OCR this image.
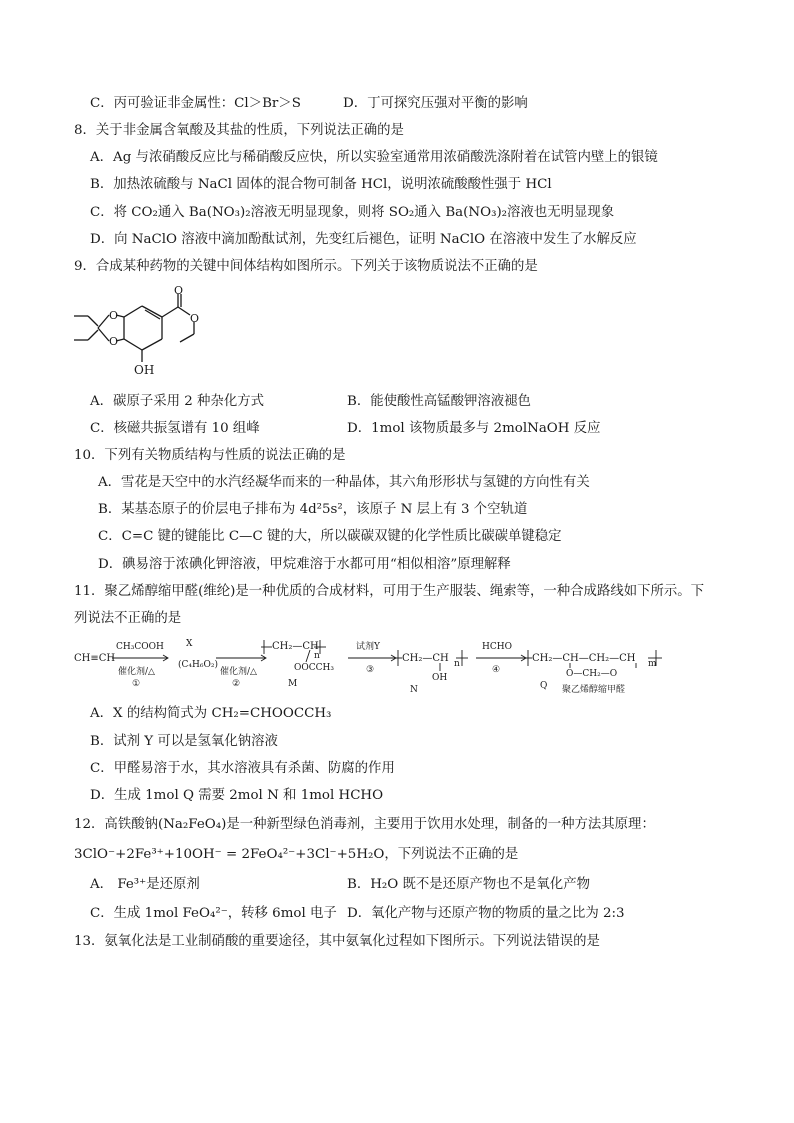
C．丙可验证非金属性：Cl＞Br＞S	D．丁可探究压强对平衡的影响
8．关于非金属含氧酸及其盐的性质，下列说法正确的是
A．Ag 与浓硝酸反应比与稀硝酸反应快，所以实验室通常用浓硝酸洗涤附着在试管内壁上的银镜
B．加热浓硫酸与 NaCl 固体的混合物可制备 HCl，说明浓硫酸酸性强于 HCl
C．将 CO₂通入 Ba(NO₃)₂溶液无明显现象，则将 SO₂通入 Ba(NO₃)₂溶液也无明显现象
D．向 NaClO 溶液中滴加酚酞试剂，先变红后褪色，证明 NaClO 在溶液中发生了水解反应
9．合成某种药物的关键中间体结构如图所示。下列关于该物质说法不正确的是
O
O
O
O
OH
A．碳原子采用 2 种杂化方式	B．能使酸性高锰酸钾溶液褪色
C．核磁共振氢谱有 10 组峰	D．1mol 该物质最多与 2molNaOH 反应
10．下列有关物质结构与性质的说法正确的是
A．雪花是天空中的水汽经凝华而来的一种晶体，其六角形形状与氢键的方向性有关
B．某基态原子的价层电子排布为 4d²5s²，该原子 N 层上有 3 个空轨道
C．C=C 键的键能比 C—C 键的大，所以碳碳双键的化学性质比碳碳单键稳定
D．碘易溶于浓碘化钾溶液，甲烷难溶于水都可用“相似相溶”原理解释
11．聚乙烯醇缩甲醛(维纶)是一种优质的合成材料，可用于生产服装、绳索等，一种合成路线如下所示。下
列说法不正确的是
CH≡CH
CH₃COOH
催化剂/△
①
X
(C₄H₆O₂)
催化剂/△
②
CH₂—CH
n
OOCCH₃
M
试剂Y
③
CH₂—CH n
OH
N
HCHO
④
CH₂—CH—CH₂—CH m
O—CH₂—O
Q 聚乙烯醇缩甲醛
A．X 的结构简式为 CH₂=CHOOCCH₃
B．试剂 Y 可以是氢氧化钠溶液
C．甲醛易溶于水，其水溶液具有杀菌、防腐的作用
D．生成 1mol Q 需要 2mol N 和 1mol HCHO
12．高铁酸钠(Na₂FeO₄)是一种新型绿色消毒剂，主要用于饮用水处理，制备的一种方法其原理：
3ClO⁻+2Fe³⁺+10OH⁻ = 2FeO₄²⁻+3Cl⁻+5H₂O，下列说法不正确的是
A． Fe³⁺是还原剂	B．H₂O 既不是还原产物也不是氧化产物
C．生成 1mol FeO₄²⁻，转移 6mol 电子 D．氧化产物与还原产物的物质的量之比为 2:3
13．氨氧化法是工业制硝酸的重要途径，其中氨氧化过程如下图所示。下列说法错误的是
